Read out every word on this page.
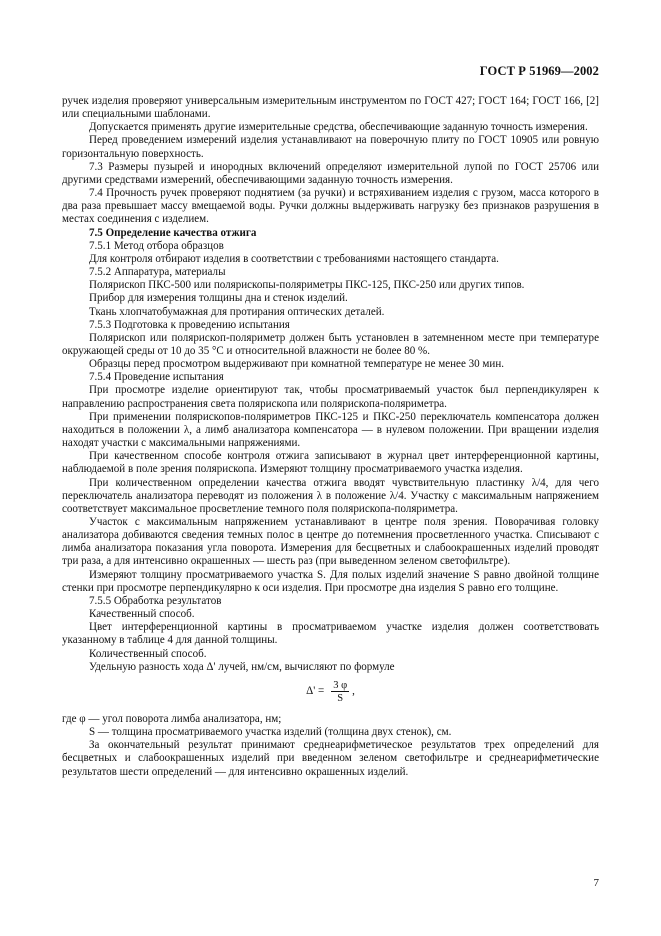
ГОСТ Р 51969—2002

ручек изделия проверяют универсальным измерительным инструментом по ГОСТ 427; ГОСТ 164; ГОСТ 166, [2] или специальными шаблонами.

Допускается применять другие измерительные средства, обеспечивающие заданную точность измерения.

Перед проведением измерений изделия устанавливают на поверочную плиту по ГОСТ 10905 или ровную горизонтальную поверхность.

7.3 Размеры пузырей и инородных включений определяют измерительной лупой по ГОСТ 25706 или другими средствами измерений, обеспечивающими заданную точность измерения.

7.4 Прочность ручек проверяют поднятием (за ручки) и встряхиванием изделия с грузом, масса которого в два раза превышает массу вмещаемой воды. Ручки должны выдерживать нагрузку без признаков разрушения в местах соединения с изделием.

7.5 Определение качества отжига

7.5.1 Метод отбора образцов

Для контроля отбирают изделия в соответствии с требованиями настоящего стандарта.

7.5.2 Аппаратура, материалы

Полярископ ПКС-500 или полярископы-поляриметры ПКС-125, ПКС-250 или других типов.

Прибор для измерения толщины дна и стенок изделий.

Ткань хлопчатобумажная для протирания оптических деталей.

7.5.3 Подготовка к проведению испытания

Полярископ или полярископ-поляриметр должен быть установлен в затемненном месте при температуре окружающей среды от 10 до 35 °С и относительной влажности не более 80 %.

Образцы перед просмотром выдерживают при комнатной температуре не менее 30 мин.

7.5.4 Проведение испытания

При просмотре изделие ориентируют так, чтобы просматриваемый участок был перпендикулярен к направлению распространения света полярископа или полярископа-поляриметра.

При применении полярископов-поляриметров ПКС-125 и ПКС-250 переключатель компенсатора должен находиться в положении λ, а лимб анализатора компенсатора — в нулевом положении. При вращении изделия находят участки с максимальными напряжениями.

При качественном способе контроля отжига записывают в журнал цвет интерференционной картины, наблюдаемой в поле зрения полярископа. Измеряют толщину просматриваемого участка изделия.

При количественном определении качества отжига вводят чувствительную пластинку λ/4, для чего переключатель анализатора переводят из положения λ в положение λ/4. Участку с максимальным напряжением соответствует максимальное просветление темного поля полярископа-поляриметра.

Участок с максимальным напряжением устанавливают в центре поля зрения. Поворачивая головку анализатора добиваются сведения темных полос в центре до потемнения просветленного участка. Списывают с лимба анализатора показания угла поворота. Измерения для бесцветных и слабоокрашенных изделий проводят три раза, а для интенсивно окрашенных — шесть раз (при выведенном зеленом светофильтре).

Измеряют толщину просматриваемого участка S. Для полых изделий значение S равно двойной толщине стенки при просмотре перпендикулярно к оси изделия. При просмотре дна изделия S равно его толщине.

7.5.5 Обработка результатов

Качественный способ.

Цвет интерференционной картины в просматриваемом участке изделия должен соответствовать указанному в таблице 4 для данной толщины.

Количественный способ.

Удельную разность хода Δ' лучей, нм/см, вычисляют по формуле

$\Delta' = \frac{3 \varphi}{S}$ ,

где φ — угол поворота лимба анализатора, нм;

S — толщина просматриваемого участка изделий (толщина двух стенок), см.

За окончательный результат принимают среднеарифметическое результатов трех определений для бесцветных и слабоокрашенных изделий при введенном зеленом светофильтре и среднеарифметические результатов шести определений — для интенсивно окрашенных изделий.

7
